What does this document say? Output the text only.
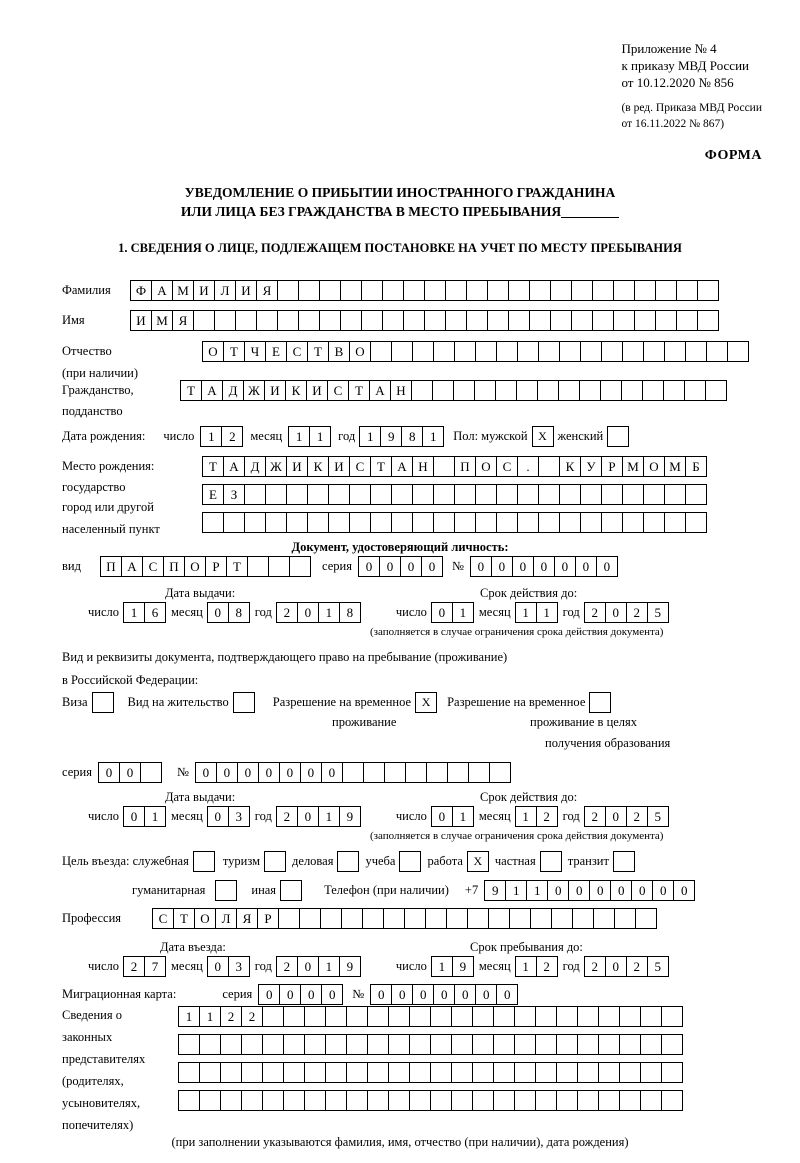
Приложение № 4
к приказу МВД России
от 10.12.2020 № 856
(в ред. Приказа МВД России
от 16.11.2022 № 867)
ФОРМА
УВЕДОМЛЕНИЕ О ПРИБЫТИИ ИНОСТРАННОГО ГРАЖДАНИНА
ИЛИ ЛИЦА БЕЗ ГРАЖДАНСТВА В МЕСТО ПРЕБЫВАНИЯ
1. СВЕДЕНИЯ О ЛИЦЕ, ПОДЛЕЖАЩЕМ ПОСТАНОВКЕ НА УЧЕТ ПО МЕСТУ ПРЕБЫВАНИЯ
Фамилия	Ф А М И Л И Я
Имя	И М Я
Отчество	О Т Ч Е С Т В О
(при наличии)
Гражданство,	Т А Д Ж И К И С Т А Н
подданство
Дата рождения: число	1	2	месяц	1	1	год 1	9	8	1	Пол: мужской Х женский
Место рождения:	Т А Д Ж И К И С Т А Н	П О С	.	К У Р М О М Б
государство	Е	З
город или другой
населенный пункт
Документ, удостоверяющий личность:
вид	П А С П О Р	Т	серия	0	0	0	0	№	0	0	0	0	0	0	0
Дата выдачи:	Срок действия до:
число 1	6	месяц 0	8	год 2	0	1	8	число 0	1	месяц 1	1	год 2	0	2	5
(заполняется в случае ограничения срока действия документа)
Вид и реквизиты документа, подтверждающего право на пребывание (проживание)
в Российской Федерации:
Виза	Вид на жительство	Разрешение на временное Х	Разрешение на временное
проживание	проживание в целях
получения образования
серия	0	0	№	0	0	0	0	0	0	0
Дата выдачи:	Срок действия до:
число 0	1	месяц 0	3	год 2	0	1	9	число 0	1	месяц 1	2	год 2	0	2	5
(заполняется в случае ограничения срока действия документа)
Цель въезда: служебная	туризм	деловая	учеба	работа Х	частная	транзит
гуманитарная	иная	Телефон (при наличии) +7	9	1	1	0	0	0	0	0	0	0
Профессия	С Т О Л Я	Р
Дата въезда:	Срок пребывания до:
число 2	7	месяц 0	3	год 2	0	1	9	число 1	9	месяц 1	2	год 2	0	2	5
Миграционная карта:	серия	0	0	0	0	№	0	0	0	0	0	0	0
Сведения о
законных
представителях
(родителях,
усыновителях,
попечителях)
1	1	2	2
(при заполнении указываются фамилия, имя, отчество (при наличии), дата рождения)
